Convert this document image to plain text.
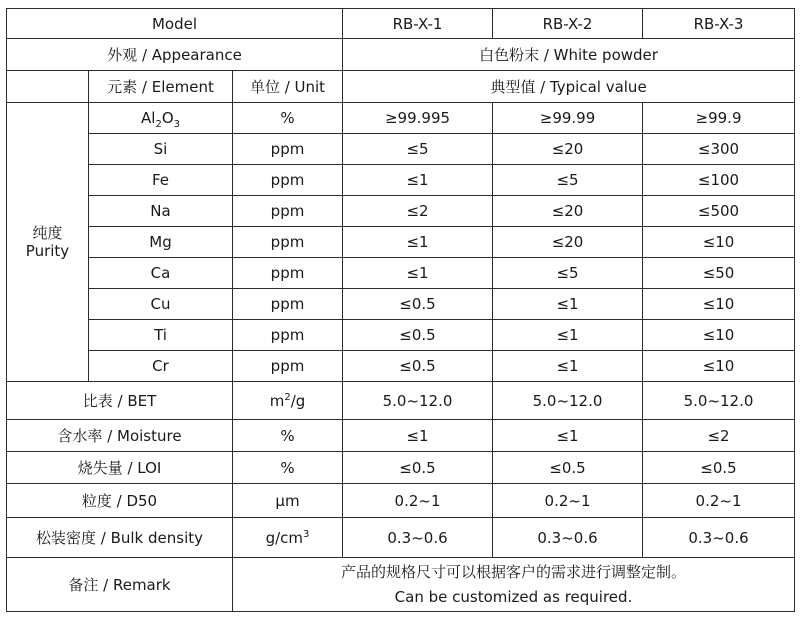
Model			RB-X-1	RB-X-2	RB-X-3
外观 / Appearance			白色粉末 / White powder		
	元素 / Element	单位 / Unit	典型值 / Typical value		

纯度
Purity	$Al_2O_3$	%	≥99.995	≥99.99	≥99.9
	Si	ppm	≤5	≤20	≤300
	Fe	ppm	≤1	≤5	≤100
	Na	ppm	≤2	≤20	≤500
	Mg	ppm	≤1	≤20	≤10
	Ca	ppm	≤1	≤5	≤50
	Cu	ppm	≤0.5	≤1	≤10
	Ti	ppm	≤0.5	≤1	≤10
	Cr	ppm	≤0.5	≤1	≤10
比表 / BET		$m^2/g$	5.0~12.0	5.0~12.0	5.0~12.0
含水率 / Moisture		%	≤1	≤1	≤2
烧失量 / LOI		%	≤0.5	≤0.5	≤0.5
粒度 / D50		μm	0.2~1	0.2~1	0.2~1
松装密度 / Bulk density		$g/cm^3$	0.3~0.6	0.3~0.6	0.3~0.6
备注 / Remark		产品的规格尺寸可以根据客户的需求进行调整定制。
Can be customized as required.			
